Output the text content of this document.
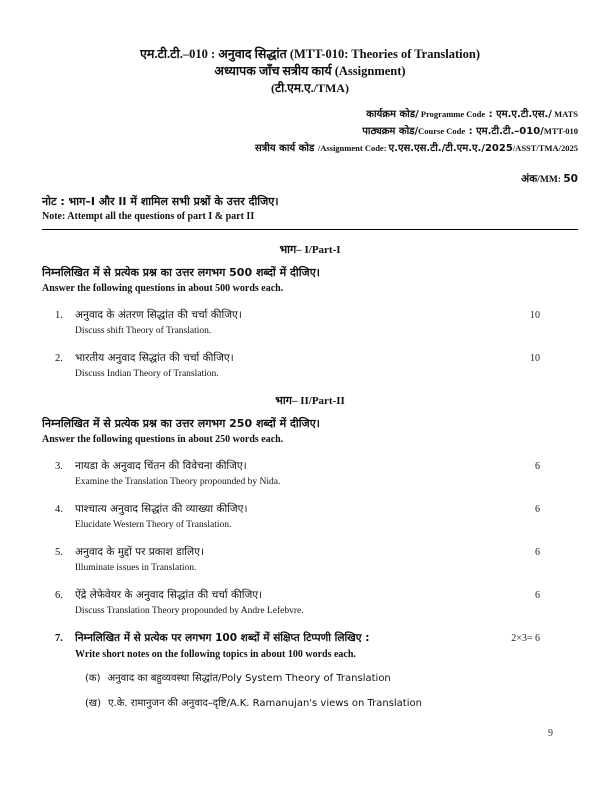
एम.टी.टी.–010 : अनुवाद सिद्धांत (MTT-010: Theories of Translation)
अध्यापक जाँच सत्रीय कार्य (Assignment)
(टी.एम.ए./TMA)
कार्यक्रम कोड/ Programme Code : एम.ए.टी.एस./ MATS
पाठ्यक्रम कोड/Course Code : एम.टी.टी.–010/MTT-010
सत्रीय कार्य कोड /Assignment Code: ए.एस.एस.टी./टी.एम.ए./2025/ASST/TMA/2025
अंक/MM: 50
नोट : भाग–I और II में शामिल सभी प्रश्नों के उत्तर दीजिए।
Note: Attempt all the questions of part I & part II
भाग– I/Part-I
निम्नलिखित में से प्रत्येक प्रश्न का उत्तर लगभग 500 शब्दों में दीजिए।
Answer the following questions in about 500 words each.
1.	अनुवाद के अंतरण सिद्धांत की चर्चा कीजिए।
Discuss shift Theory of Translation.
10
2.	भारतीय अनुवाद सिद्धांत की चर्चा कीजिए।
Discuss Indian Theory of Translation.
10
भाग– II/Part-II
निम्नलिखित में से प्रत्येक प्रश्न का उत्तर लगभग 250 शब्दों में दीजिए।
Answer the following questions in about 250 words each.
3.	नायडा के अनुवाद चिंतन की विवेचना कीजिए।
Examine the Translation Theory propounded by Nida.
6
4.	पाश्चात्य अनुवाद सिद्धांत की व्याख्या कीजिए।
Elucidate Western Theory of Translation.
6
5.	अनुवाद के मुद्दों पर प्रकाश डालिए।
Illuminate issues in Translation.
6
6.	ऐंद्रे लेफेवेयर के अनुवाद सिद्धांत की चर्चा कीजिए।
Discuss Translation Theory propounded by Andre Lefebvre.
6
7.	निम्नलिखित में से प्रत्येक पर लगभग 100 शब्दों में संक्षिप्त टिप्पणी लिखिए :
Write short notes on the following topics in about 100 words each.
(क) अनुवाद का बहुव्यवस्था सिद्धांत/Poly System Theory of Translation
(ख) ए.के. रामानुजन की अनुवाद–दृष्टि/A.K. Ramanujan's views on Translation
2×3= 6
9
